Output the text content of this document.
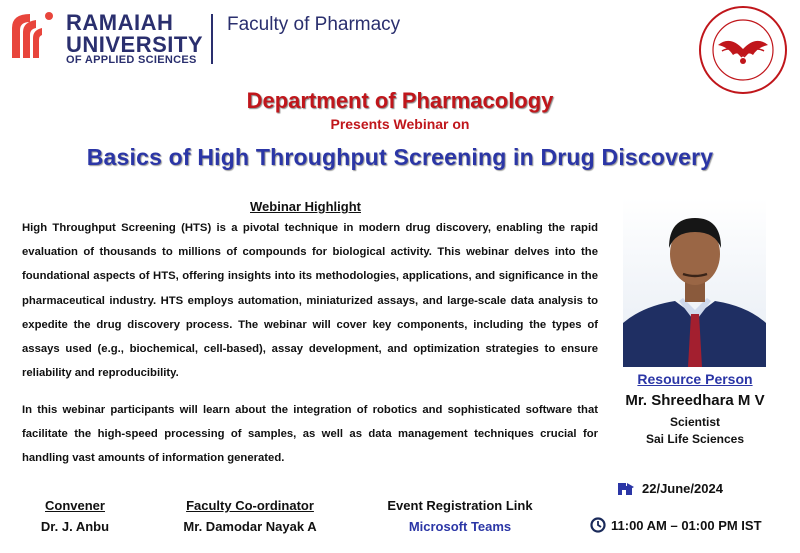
RAMAIAH
UNIVERSITY
OF APPLIED SCIENCES
Faculty of Pharmacy
Department of Pharmacology
Presents Webinar on
Basics of High Throughput Screening in Drug Discovery
Webinar Highlight
High Throughput Screening (HTS) is a pivotal technique in modern drug discovery, enabling the rapid evaluation of thousands to millions of compounds for biological activity. This webinar delves into the foundational aspects of HTS, offering insights into its methodologies, applications, and significance in the pharmaceutical industry. HTS employs automation, miniaturized assays, and large-scale data analysis to expedite the drug discovery process. The webinar will cover key components, including the types of assays used (e.g., biochemical, cell-based), assay development, and optimization strategies to ensure reliability and reproducibility.
In this webinar participants will learn about the integration of robotics and sophisticated software that facilitate the high-speed processing of samples, as well as data management techniques crucial for handling vast amounts of information generated.
Resource Person
Mr. Shreedhara M V
Scientist
Sai Life Sciences
Convener
Dr. J. Anbu
Faculty Co-ordinator
Mr. Damodar Nayak A
Event Registration Link
Microsoft Teams
22/June/2024
11:00 AM – 01:00 PM IST
